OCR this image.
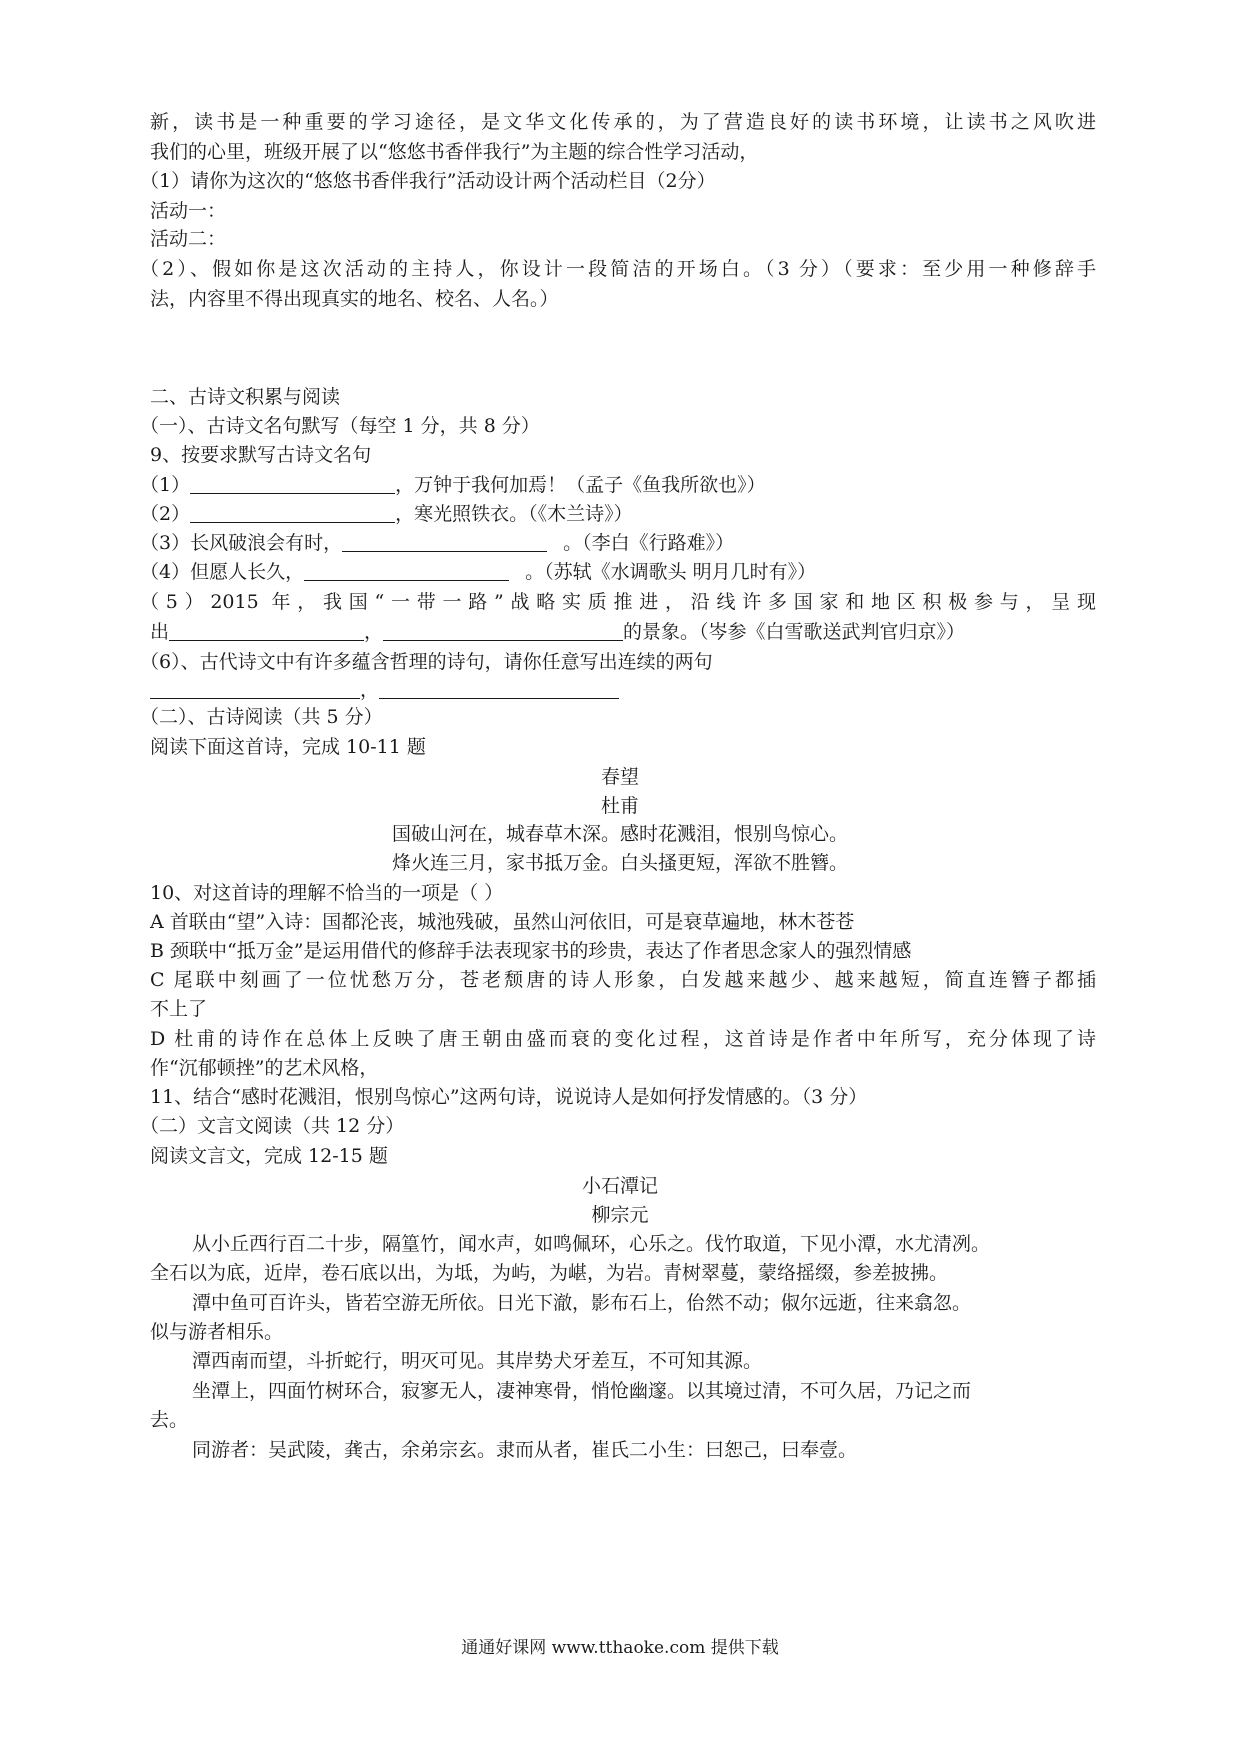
新，读书是一种重要的学习途径，是文华文化传承的，为了营造良好的读书环境，让读书之风吹进
我们的心里，班级开展了以“悠悠书香伴我行”为主题的综合性学习活动，
（1）请你为这次的“悠悠书香伴我行”活动设计两个活动栏目（2分）
活动一：
活动二：
（2）、假如你是这次活动的主持人，你设计一段简洁的开场白。（3 分）（要求：至少用一种修辞手
法，内容里不得出现真实的地名、校名、人名。）
二、古诗文积累与阅读
（一）、古诗文名句默写（每空 1 分，共 8 分）
9、按要求默写古诗文名句
（1）	，万钟于我何加焉！（孟子《鱼我所欲也》）
（2）	，寒光照铁衣。（《木兰诗》）
（3）长风破浪会有时，	。（李白《行路难》）
（4）但愿人长久，	。（苏轼《水调歌头 明月几时有》）
（5）2015 年，我国“一带一路”战略实质推进，沿线许多国家和地区积极参与，呈现
出	，	的景象。（岑参《白雪歌送武判官归京》）
（6）、古代诗文中有许多蕴含哲理的诗句，请你任意写出连续的两句
，
（二）、古诗阅读（共 5 分）
阅读下面这首诗，完成 10-11 题
春望
杜甫
国破山河在，城春草木深。感时花溅泪，恨别鸟惊心。
烽火连三月，家书抵万金。白头搔更短，浑欲不胜簪。
10、对这首诗的理解不恰当的一项是（ ）
A 首联由“望”入诗：国都沦丧，城池残破，虽然山河依旧，可是衰草遍地，林木苍苍
B 颈联中“抵万金”是运用借代的修辞手法表现家书的珍贵，表达了作者思念家人的强烈情感
C 尾联中刻画了一位忧愁万分，苍老颓唐的诗人形象，白发越来越少、越来越短，简直连簪子都插
不上了
D 杜甫的诗作在总体上反映了唐王朝由盛而衰的变化过程，这首诗是作者中年所写，充分体现了诗
作“沉郁顿挫”的艺术风格，
11、结合“感时花溅泪，恨别鸟惊心”这两句诗，说说诗人是如何抒发情感的。（3 分）
（二）文言文阅读（共 12 分）
阅读文言文，完成 12-15 题
小石潭记
柳宗元
从小丘西行百二十步，隔篁竹，闻水声，如鸣佩环，心乐之。伐竹取道，下见小潭，水尤清冽。
全石以为底，近岸，卷石底以出，为坻，为屿，为嵁，为岩。青树翠蔓，蒙络摇缀，参差披拂。
潭中鱼可百许头，皆若空游无所依。日光下澈，影布石上，佁然不动；俶尔远逝，往来翕忽。
似与游者相乐。
潭西南而望，斗折蛇行，明灭可见。其岸势犬牙差互，不可知其源。
坐潭上，四面竹树环合，寂寥无人，凄神寒骨，悄怆幽邃。以其境过清，不可久居，乃记之而
去。
同游者：吴武陵，龚古，余弟宗玄。隶而从者，崔氏二小生：曰恕己，曰奉壹。
通通好课网 www.tthaoke.com 提供下载
